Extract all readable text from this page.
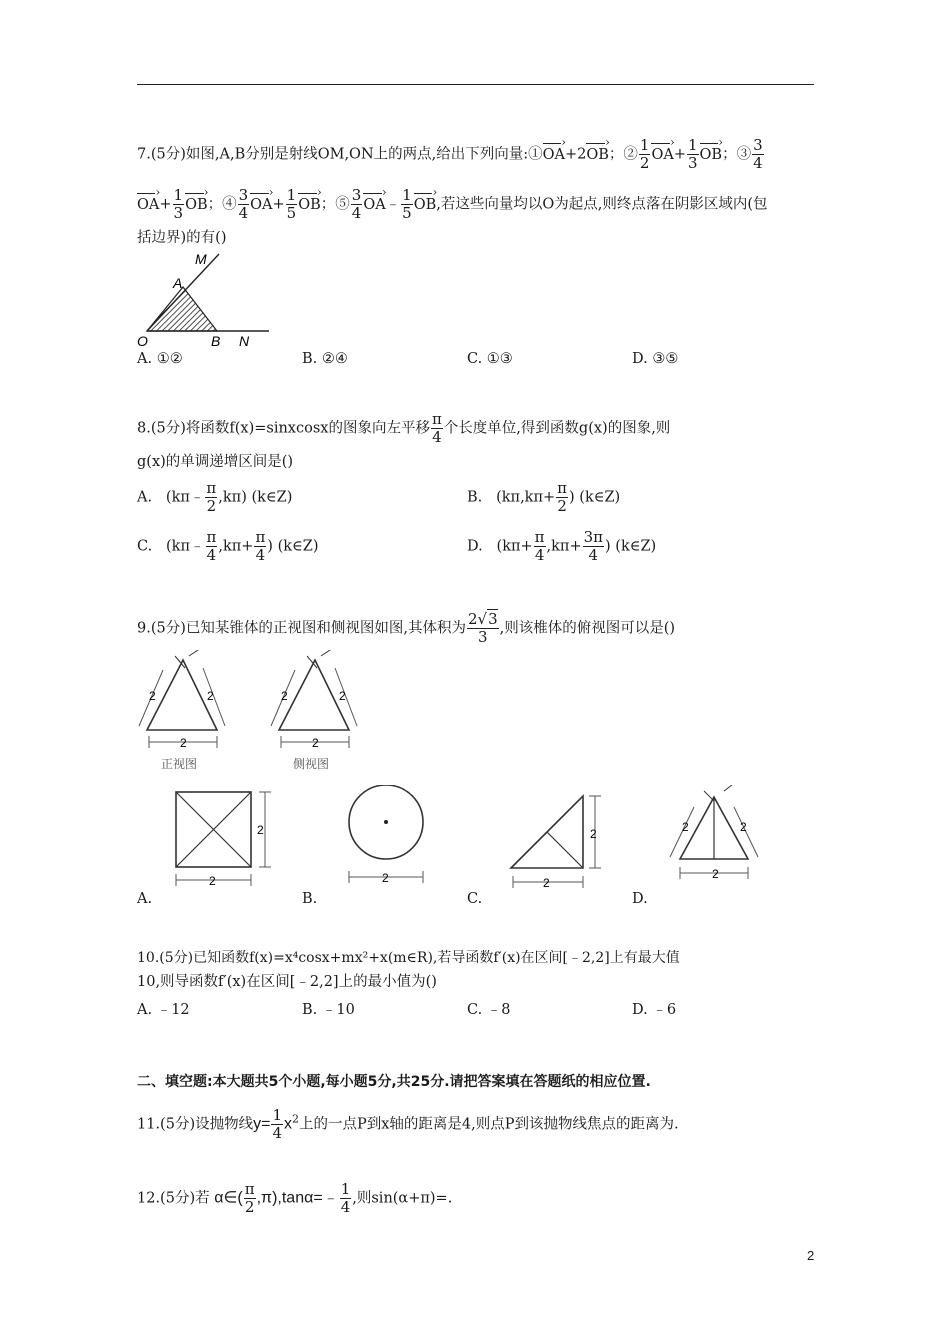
7.(5分)如图,A,B分别是射线OM,ON上的两点,给出下列向量:①OA ›+2OB ›；② $\frac{1}{2}$ OA ›+ $\frac{1}{3}$ OB ›；③ $\frac{3}{4}$
OA ›+ $\frac{1}{3}$ OB ›；④ $\frac{3}{4}$ OA ›+ $\frac{1}{5}$ OB ›；⑤ $\frac{3}{4}$ OA ›﹣ $\frac{1}{5}$ OB ›,若这些向量均以O为起点,则终点落在阴影区域内(包
括边界)的有()
M
A
O	B N
A. ①②	B. ②④	C. ①③	D. ③⑤
8.(5分)将函数f(x)=sinxcosx的图象向左平移 $\frac{\pi}{4}$ 个长度单位,得到函数g(x)的图象,则
g(x)的单调递增区间是()
A.   (kπ﹣ $\frac{\pi}{2} ,k\pi$) (k∈Z)	B.   ($k\pi,k\pi+ \frac{\pi}{2}$ ) (k∈Z)
C.   (kπ﹣ $\frac{\pi}{4} ,k\pi+ \frac{\pi}{4}$ ) (k∈Z)	D.   ($k\pi+ \frac{\pi}{4} ,k\pi+ \frac{3\pi}{4}$ ) (k∈Z)
9.(5分)已知某锥体的正视图和侧视图如图,其体积为 $\frac{2√3}{3}$ ,则该椎体的俯视图可以是()
2	2
2
正视图
2	2
2
侧视图
2
2	2
2
2
2	2
2
A.	B.	C.	D.
10.(5分)已知函数f(x)=x⁴cosx+mx²+x(m∈R),若导函数f′(x)在区间[﹣2,2]上有最大值
10,则导函数f′(x)在区间[﹣2,2]上的最小值为()
A. ﹣12	B. ﹣10	C. ﹣8	D. ﹣6
二、填空题:本大题共5个小题,每小题5分,共25分.请把答案填在答题纸的相应位置.
11.(5分)设抛物线$y= \frac{1}{4} x^2$上的一点P到x轴的距离是4,则点P到该抛物线焦点的距离为.
12.(5分)若 α∈( $\frac{\pi}{2}$ ,π),tanα=﹣ $\frac{1}{4}$ ,则sin(α+π)=.
2
